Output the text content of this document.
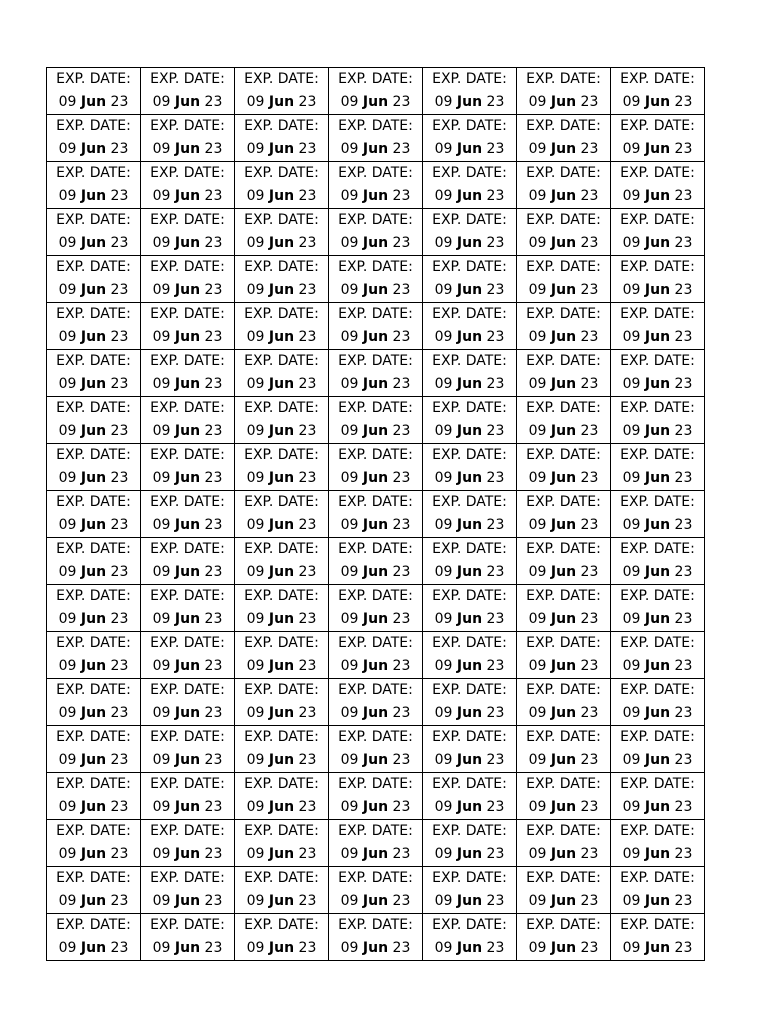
EXP. DATE:
09 Jun 23	EXP. DATE:
09 Jun 23	EXP. DATE:
09 Jun 23	EXP. DATE:
09 Jun 23	EXP. DATE:
09 Jun 23	EXP. DATE:
09 Jun 23	EXP. DATE:
09 Jun 23

EXP. DATE:
09 Jun 23	EXP. DATE:
09 Jun 23	EXP. DATE:
09 Jun 23	EXP. DATE:
09 Jun 23	EXP. DATE:
09 Jun 23	EXP. DATE:
09 Jun 23	EXP. DATE:
09 Jun 23

EXP. DATE:
09 Jun 23	EXP. DATE:
09 Jun 23	EXP. DATE:
09 Jun 23	EXP. DATE:
09 Jun 23	EXP. DATE:
09 Jun 23	EXP. DATE:
09 Jun 23	EXP. DATE:
09 Jun 23

EXP. DATE:
09 Jun 23	EXP. DATE:
09 Jun 23	EXP. DATE:
09 Jun 23	EXP. DATE:
09 Jun 23	EXP. DATE:
09 Jun 23	EXP. DATE:
09 Jun 23	EXP. DATE:
09 Jun 23

EXP. DATE:
09 Jun 23	EXP. DATE:
09 Jun 23	EXP. DATE:
09 Jun 23	EXP. DATE:
09 Jun 23	EXP. DATE:
09 Jun 23	EXP. DATE:
09 Jun 23	EXP. DATE:
09 Jun 23

EXP. DATE:
09 Jun 23	EXP. DATE:
09 Jun 23	EXP. DATE:
09 Jun 23	EXP. DATE:
09 Jun 23	EXP. DATE:
09 Jun 23	EXP. DATE:
09 Jun 23	EXP. DATE:
09 Jun 23

EXP. DATE:
09 Jun 23	EXP. DATE:
09 Jun 23	EXP. DATE:
09 Jun 23	EXP. DATE:
09 Jun 23	EXP. DATE:
09 Jun 23	EXP. DATE:
09 Jun 23	EXP. DATE:
09 Jun 23

EXP. DATE:
09 Jun 23	EXP. DATE:
09 Jun 23	EXP. DATE:
09 Jun 23	EXP. DATE:
09 Jun 23	EXP. DATE:
09 Jun 23	EXP. DATE:
09 Jun 23	EXP. DATE:
09 Jun 23

EXP. DATE:
09 Jun 23	EXP. DATE:
09 Jun 23	EXP. DATE:
09 Jun 23	EXP. DATE:
09 Jun 23	EXP. DATE:
09 Jun 23	EXP. DATE:
09 Jun 23	EXP. DATE:
09 Jun 23

EXP. DATE:
09 Jun 23	EXP. DATE:
09 Jun 23	EXP. DATE:
09 Jun 23	EXP. DATE:
09 Jun 23	EXP. DATE:
09 Jun 23	EXP. DATE:
09 Jun 23	EXP. DATE:
09 Jun 23

EXP. DATE:
09 Jun 23	EXP. DATE:
09 Jun 23	EXP. DATE:
09 Jun 23	EXP. DATE:
09 Jun 23	EXP. DATE:
09 Jun 23	EXP. DATE:
09 Jun 23	EXP. DATE:
09 Jun 23

EXP. DATE:
09 Jun 23	EXP. DATE:
09 Jun 23	EXP. DATE:
09 Jun 23	EXP. DATE:
09 Jun 23	EXP. DATE:
09 Jun 23	EXP. DATE:
09 Jun 23	EXP. DATE:
09 Jun 23

EXP. DATE:
09 Jun 23	EXP. DATE:
09 Jun 23	EXP. DATE:
09 Jun 23	EXP. DATE:
09 Jun 23	EXP. DATE:
09 Jun 23	EXP. DATE:
09 Jun 23	EXP. DATE:
09 Jun 23

EXP. DATE:
09 Jun 23	EXP. DATE:
09 Jun 23	EXP. DATE:
09 Jun 23	EXP. DATE:
09 Jun 23	EXP. DATE:
09 Jun 23	EXP. DATE:
09 Jun 23	EXP. DATE:
09 Jun 23

EXP. DATE:
09 Jun 23	EXP. DATE:
09 Jun 23	EXP. DATE:
09 Jun 23	EXP. DATE:
09 Jun 23	EXP. DATE:
09 Jun 23	EXP. DATE:
09 Jun 23	EXP. DATE:
09 Jun 23

EXP. DATE:
09 Jun 23	EXP. DATE:
09 Jun 23	EXP. DATE:
09 Jun 23	EXP. DATE:
09 Jun 23	EXP. DATE:
09 Jun 23	EXP. DATE:
09 Jun 23	EXP. DATE:
09 Jun 23

EXP. DATE:
09 Jun 23	EXP. DATE:
09 Jun 23	EXP. DATE:
09 Jun 23	EXP. DATE:
09 Jun 23	EXP. DATE:
09 Jun 23	EXP. DATE:
09 Jun 23	EXP. DATE:
09 Jun 23

EXP. DATE:
09 Jun 23	EXP. DATE:
09 Jun 23	EXP. DATE:
09 Jun 23	EXP. DATE:
09 Jun 23	EXP. DATE:
09 Jun 23	EXP. DATE:
09 Jun 23	EXP. DATE:
09 Jun 23

EXP. DATE:
09 Jun 23	EXP. DATE:
09 Jun 23	EXP. DATE:
09 Jun 23	EXP. DATE:
09 Jun 23	EXP. DATE:
09 Jun 23	EXP. DATE:
09 Jun 23	EXP. DATE:
09 Jun 23
